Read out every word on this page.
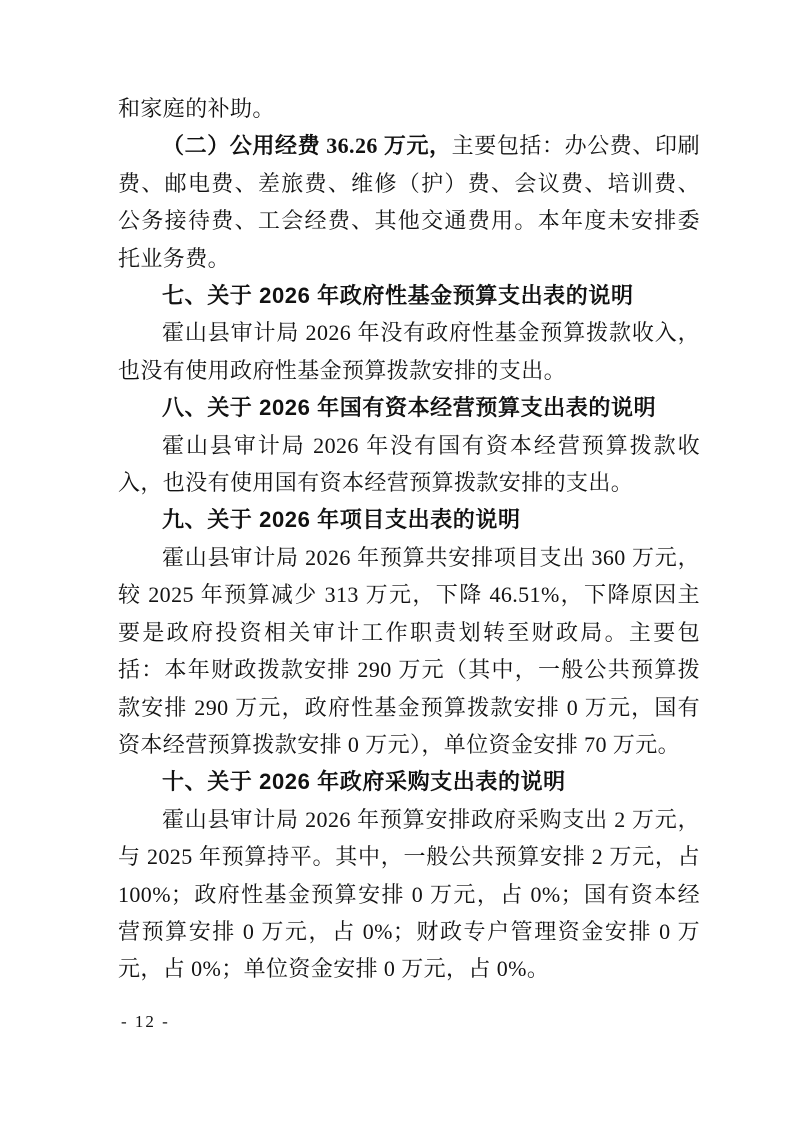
和家庭的补助。

（二）公用经费 36.26 万元，主要包括：办公费、印刷费、邮电费、差旅费、维修（护）费、会议费、培训费、公务接待费、工会经费、其他交通费用。本年度未安排委托业务费。

七、关于 2026 年政府性基金预算支出表的说明

霍山县审计局 2026 年没有政府性基金预算拨款收入，也没有使用政府性基金预算拨款安排的支出。

八、关于 2026 年国有资本经营预算支出表的说明

霍山县审计局 2026 年没有国有资本经营预算拨款收入，也没有使用国有资本经营预算拨款安排的支出。

九、关于 2026 年项目支出表的说明

霍山县审计局 2026 年预算共安排项目支出 360 万元，较 2025 年预算减少 313 万元，下降 46.51%，下降原因主要是政府投资相关审计工作职责划转至财政局。主要包括：本年财政拨款安排 290 万元（其中，一般公共预算拨款安排 290 万元，政府性基金预算拨款安排 0 万元，国有资本经营预算拨款安排 0 万元），单位资金安排 70 万元。

十、关于 2026 年政府采购支出表的说明

霍山县审计局 2026 年预算安排政府采购支出 2 万元，与 2025 年预算持平。其中，一般公共预算安排 2 万元，占 100%；政府性基金预算安排 0 万元，占 0%；国有资本经营预算安排 0 万元，占 0%；财政专户管理资金安排 0 万元，占 0%；单位资金安排 0 万元，占 0%。

- 12 -
